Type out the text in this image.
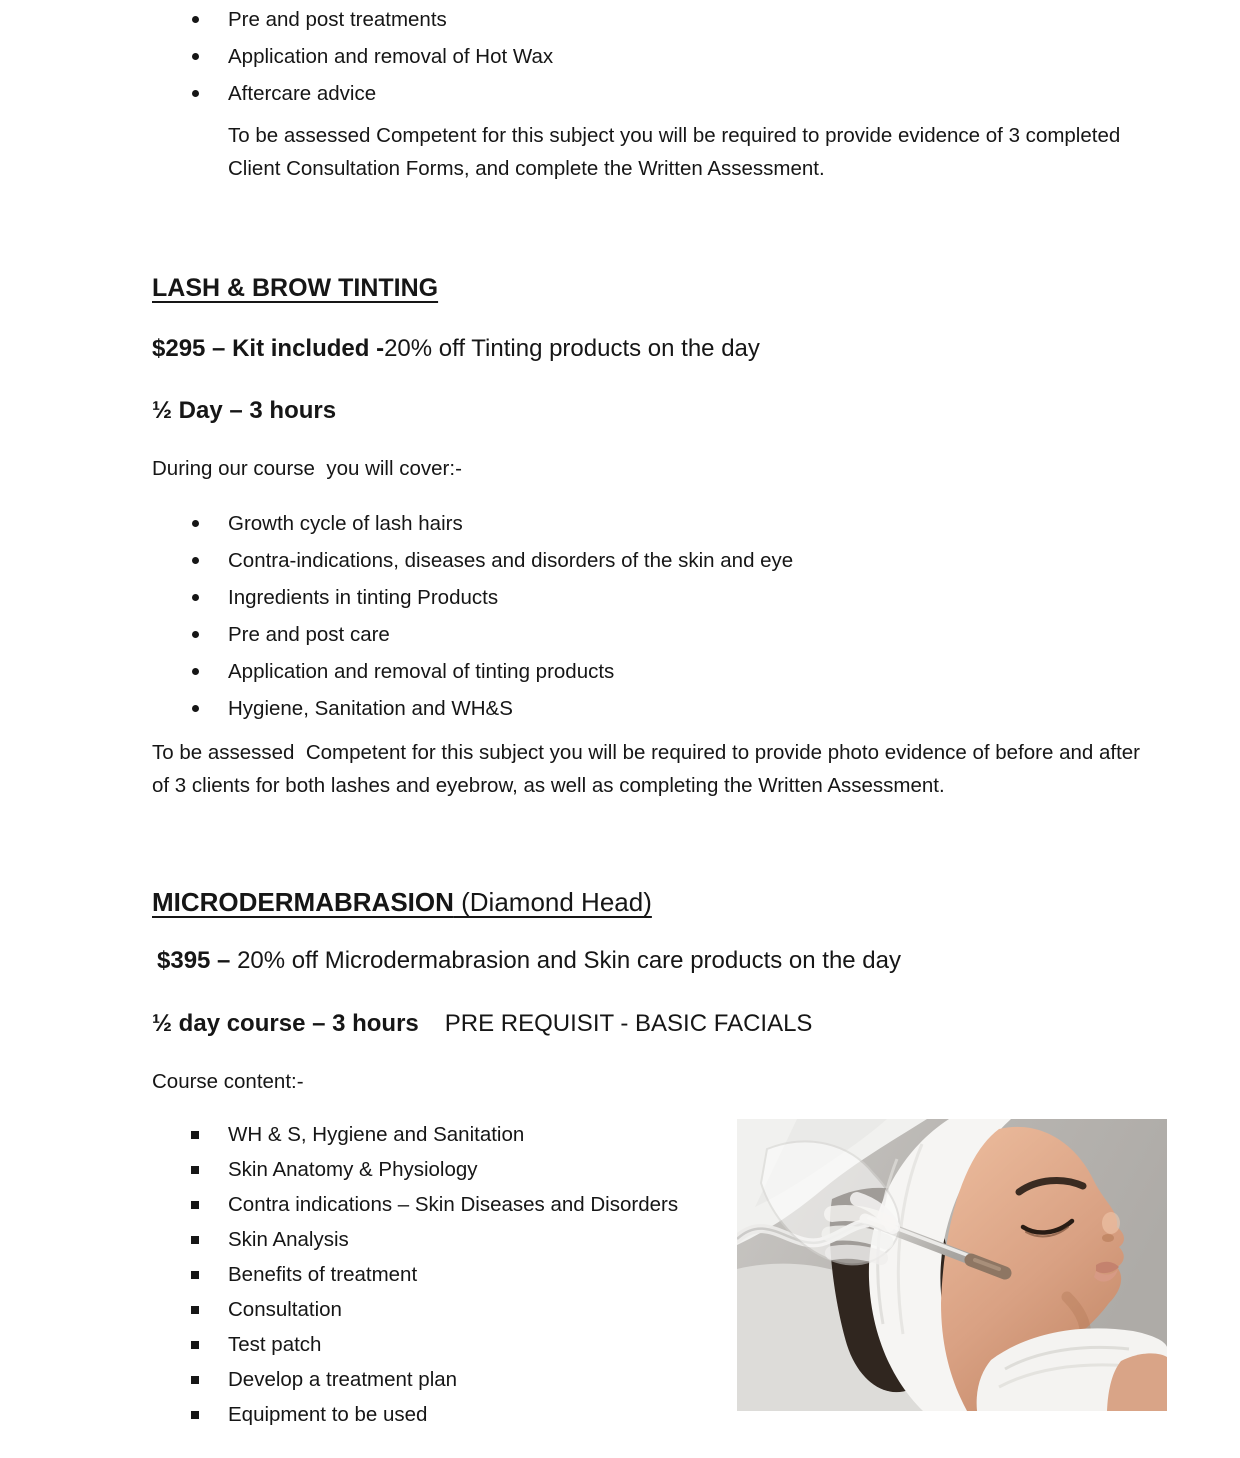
Pre and post treatments
Application and removal of Hot Wax
Aftercare advice

To be assessed Competent for this subject you will be required to provide evidence of 3 completed Client Consultation Forms, and complete the Written Assessment.

LASH & BROW TINTING

$295 – Kit included -20% off Tinting products on the day

½ Day – 3 hours

During our course  you will cover:-

Growth cycle of lash hairs
Contra-indications, diseases and disorders of the skin and eye
Ingredients in tinting Products
Pre and post care
Application and removal of tinting products
Hygiene, Sanitation and WH&S

To be assessed  Competent for this subject you will be required to provide photo evidence of before and after of 3 clients for both lashes and eyebrow, as well as completing the Written Assessment.

MICRODERMABRASION (Diamond Head)

$395 – 20% off Microdermabrasion and Skin care products on the day

½ day course – 3 hours PRE REQUISIT - BASIC FACIALS

Course content:-

WH & S, Hygiene and Sanitation
Skin Anatomy & Physiology
Contra indications – Skin Diseases and Disorders
Skin Analysis
Benefits of treatment
Consultation
Test patch
Develop a treatment plan
Equipment to be used
